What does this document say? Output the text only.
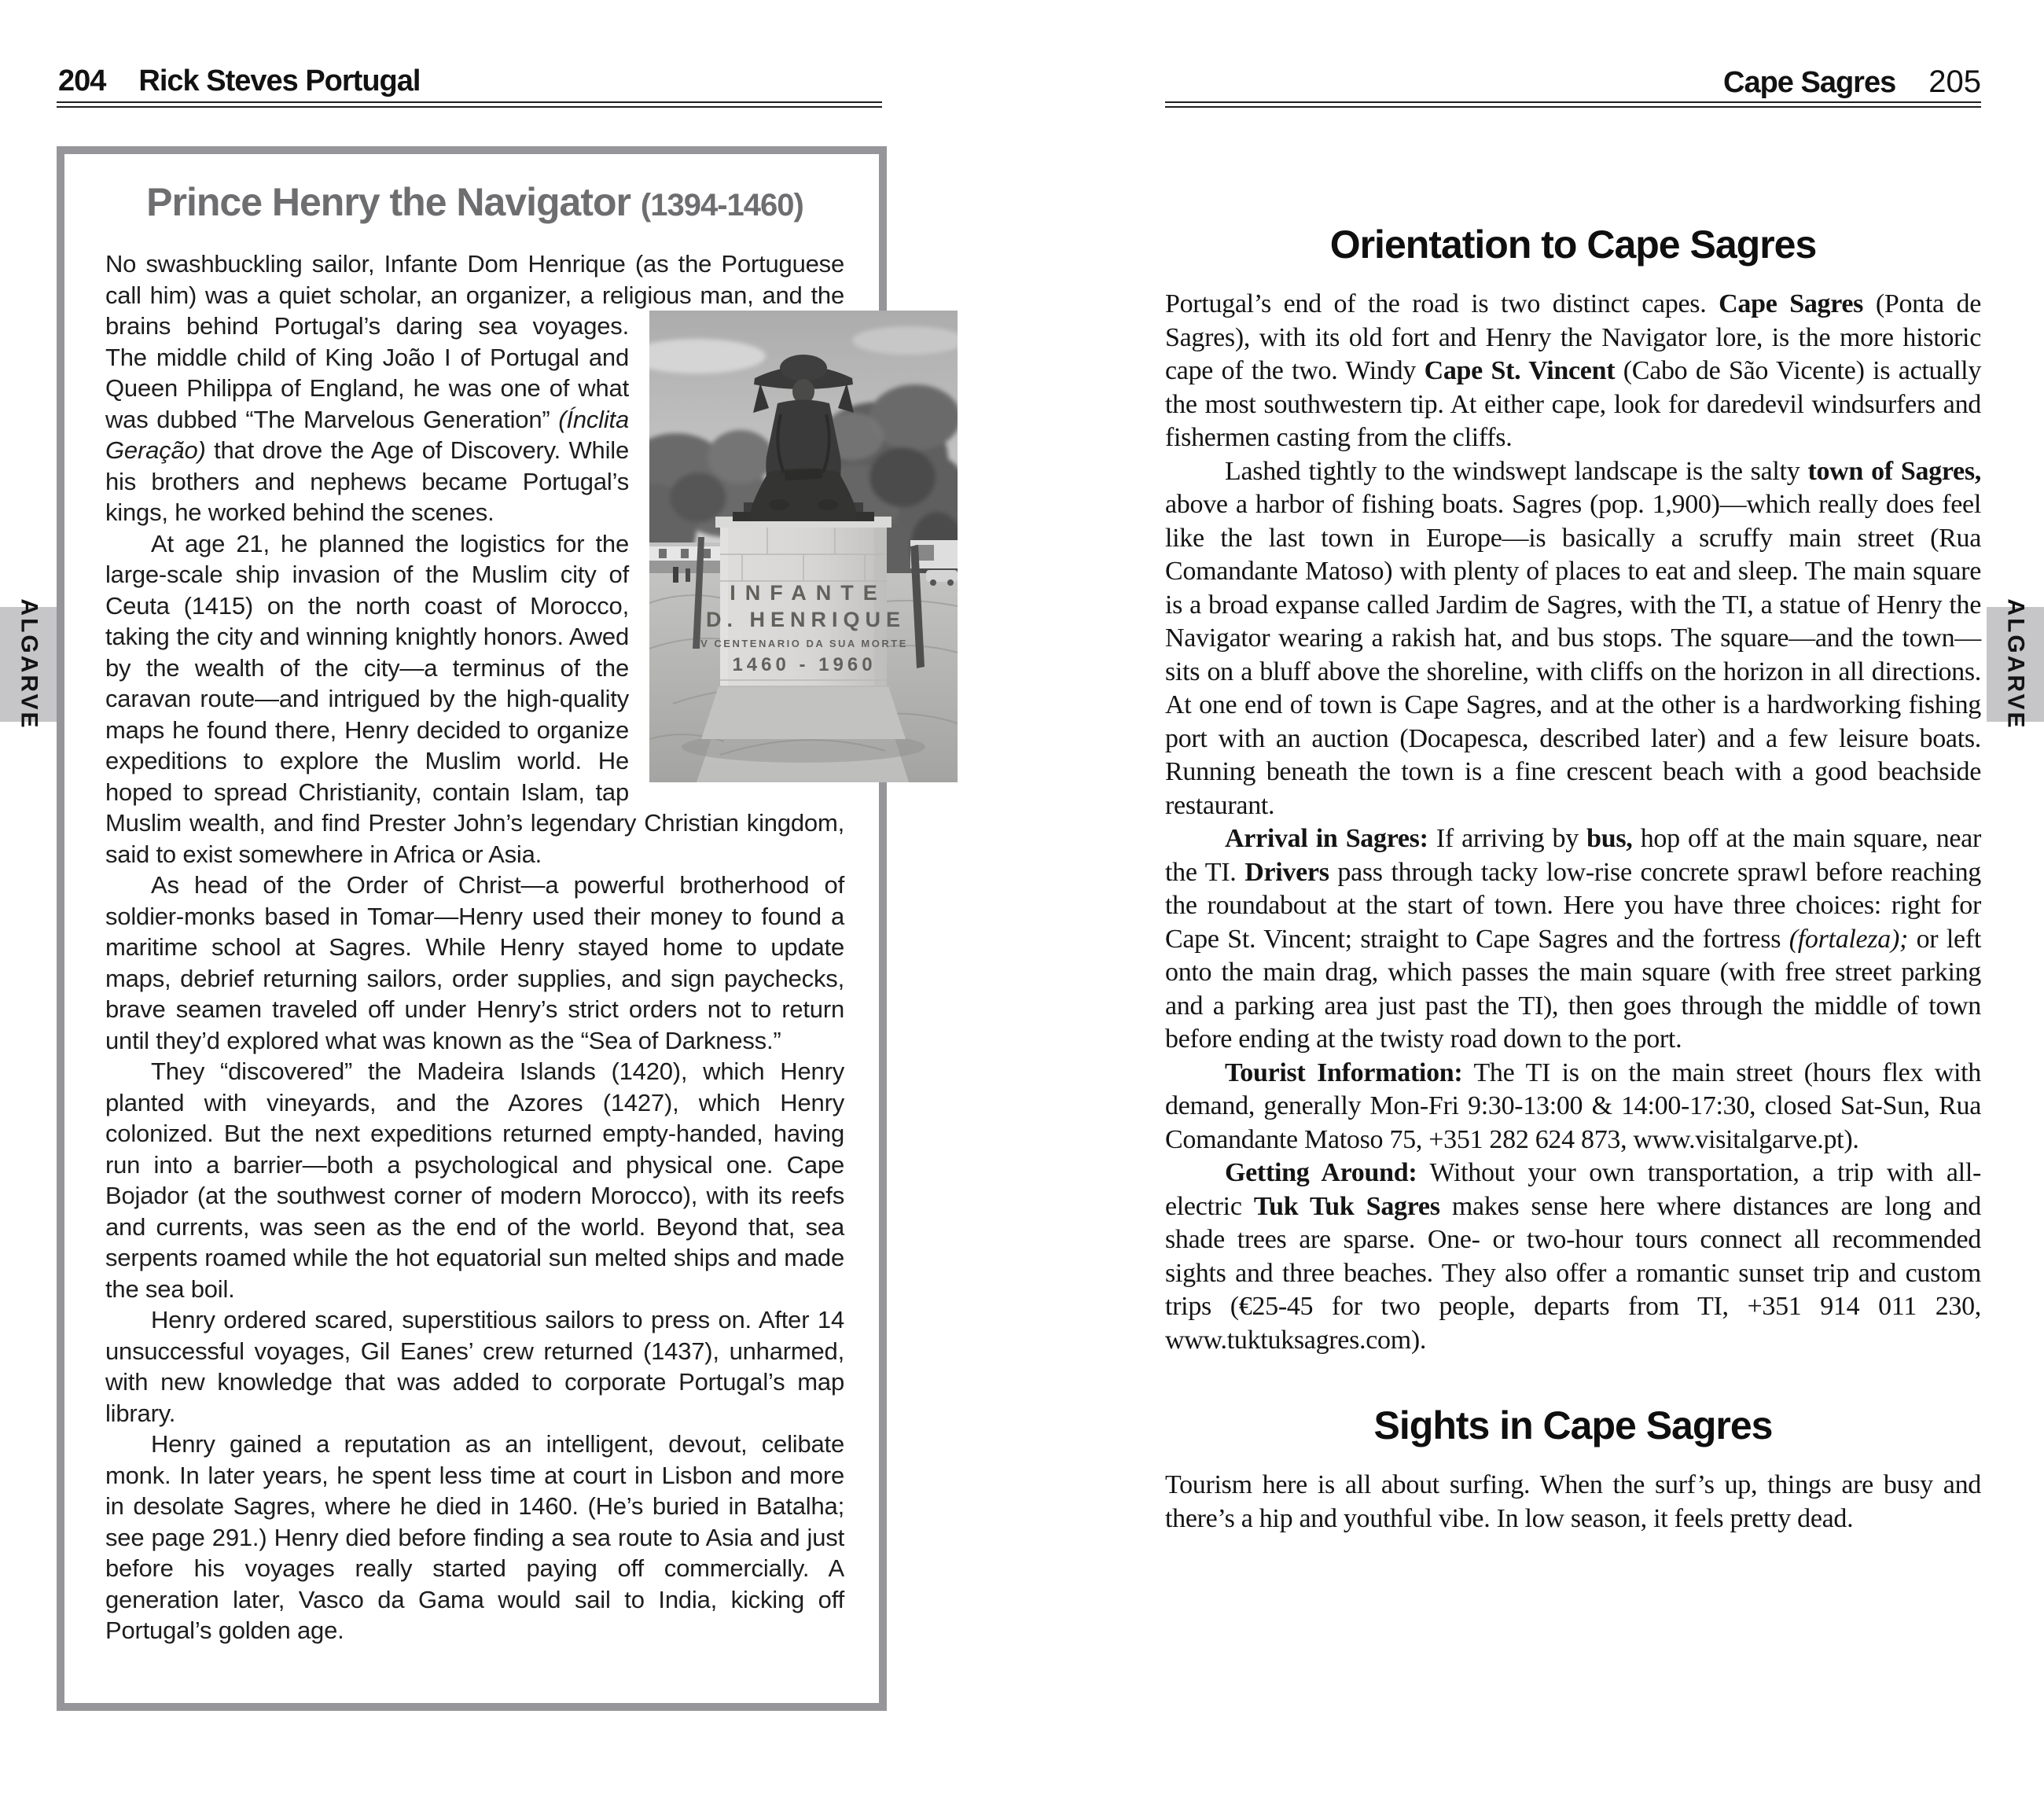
204 Rick Steves Portugal
ALGARVE
Prince Henry the Navigator (1394-1460)

No swashbuckling sailor, Infante Dom Henrique (as the Portuguese call him) was a quiet scholar, an organizer, a religious man, and the brains behind
INFANTE
D. HENRIQUE
V CENTENARIO DA SUA MORTE
1460 - 1960
Portugal’s daring sea voyages. The middle child of King João I of Portugal and Queen Philippa of England, he was one of what was dubbed “The Marvelous Generation” (Ínclita Geração) that drove the Age of Discovery. While his brothers and nephews became Portugal’s kings, he worked behind the scenes.

At age 21, he planned the logistics for the large-scale ship invasion of the Muslim city of Ceuta (1415) on the north coast of Morocco, taking the city and winning knightly honors. Awed by the wealth of the city—a terminus of the caravan route—and intrigued by the high-quality maps he found there, Henry decided to organize expeditions to explore the Muslim world. He hoped to spread Christianity, contain Islam, tap Muslim wealth, and find Prester John’s legendary Christian kingdom, said to exist somewhere in Africa or Asia.

As head of the Order of Christ—a powerful brotherhood of soldier-monks based in Tomar—Henry used their money to found a maritime school at Sagres. While Henry stayed home to update maps, debrief returning sailors, order supplies, and sign paychecks, brave seamen traveled off under Henry’s strict orders not to return until they’d explored what was known as the “Sea of Darkness.”

They “discovered” the Madeira Islands (1420), which Henry planted with vineyards, and the Azores (1427), which Henry colonized. But the next expeditions returned empty-handed, having run into a barrier—both a psychological and physical one. Cape Bojador (at the southwest corner of modern Morocco), with its reefs and currents, was seen as the end of the world. Beyond that, sea serpents roamed while the hot equatorial sun melted ships and made the sea boil.

Henry ordered scared, superstitious sailors to press on. After 14 unsuccessful voyages, Gil Eanes’ crew returned (1437), unharmed, with new knowledge that was added to corporate Portugal’s map library.

Henry gained a reputation as an intelligent, devout, celibate monk. In later years, he spent less time at court in Lisbon and more in desolate Sagres, where he died in 1460. (He’s buried in Batalha; see page 291.) Henry died before finding a sea route to Asia and just before his voyages really started paying off commercially. A generation later, Vasco da Gama would sail to India, kicking off Portugal’s golden age.

Cape Sagres 205
ALGARVE
Orientation to Cape Sagres

Portugal’s end of the road is two distinct capes. Cape Sagres (Ponta de Sagres), with its old fort and Henry the Navigator lore, is the more historic cape of the two. Windy Cape St. Vincent (Cabo de São Vicente) is actually the most southwestern tip. At either cape, look for daredevil windsurfers and fishermen casting from the cliffs.

Lashed tightly to the windswept landscape is the salty town of Sagres, above a harbor of fishing boats. Sagres (pop. 1,900)—which really does feel like the last town in Europe—is basically a scruffy main street (Rua Comandante Matoso) with plenty of places to eat and sleep. The main square is a broad expanse called Jardim de Sagres, with the TI, a statue of Henry the Navigator wearing a rakish hat, and bus stops. The square—and the town—sits on a bluff above the shoreline, with cliffs on the horizon in all directions. At one end of town is Cape Sagres, and at the other is a hardworking fishing port with an auction (Docapesca, described later) and a few leisure boats. Running beneath the town is a fine crescent beach with a good beachside restaurant.

Arrival in Sagres: If arriving by bus, hop off at the main square, near the TI. Drivers pass through tacky low-rise concrete sprawl before reaching the roundabout at the start of town. Here you have three choices: right for Cape St. Vincent; straight to Cape Sagres and the fortress (fortaleza); or left onto the main drag, which passes the main square (with free street parking and a parking area just past the TI), then goes through the middle of town before ending at the twisty road down to the port.

Tourist Information: The TI is on the main street (hours flex with demand, generally Mon-Fri 9:30-13:00 & 14:00-17:30, closed Sat-Sun, Rua Comandante Matoso 75, +351 282 624 873, www.visitalgarve.pt).

Getting Around: Without your own transportation, a trip with all-electric Tuk Tuk Sagres makes sense here where distances are long and shade trees are sparse. One- or two-hour tours connect all recommended sights and three beaches. They also offer a romantic sunset trip and custom trips (€25-45 for two people, departs from TI, +351 914 011 230, www.tuktuksagres.com).

Sights in Cape Sagres

Tourism here is all about surfing. When the surf’s up, things are busy and there’s a hip and youthful vibe. In low season, it feels pretty dead.
